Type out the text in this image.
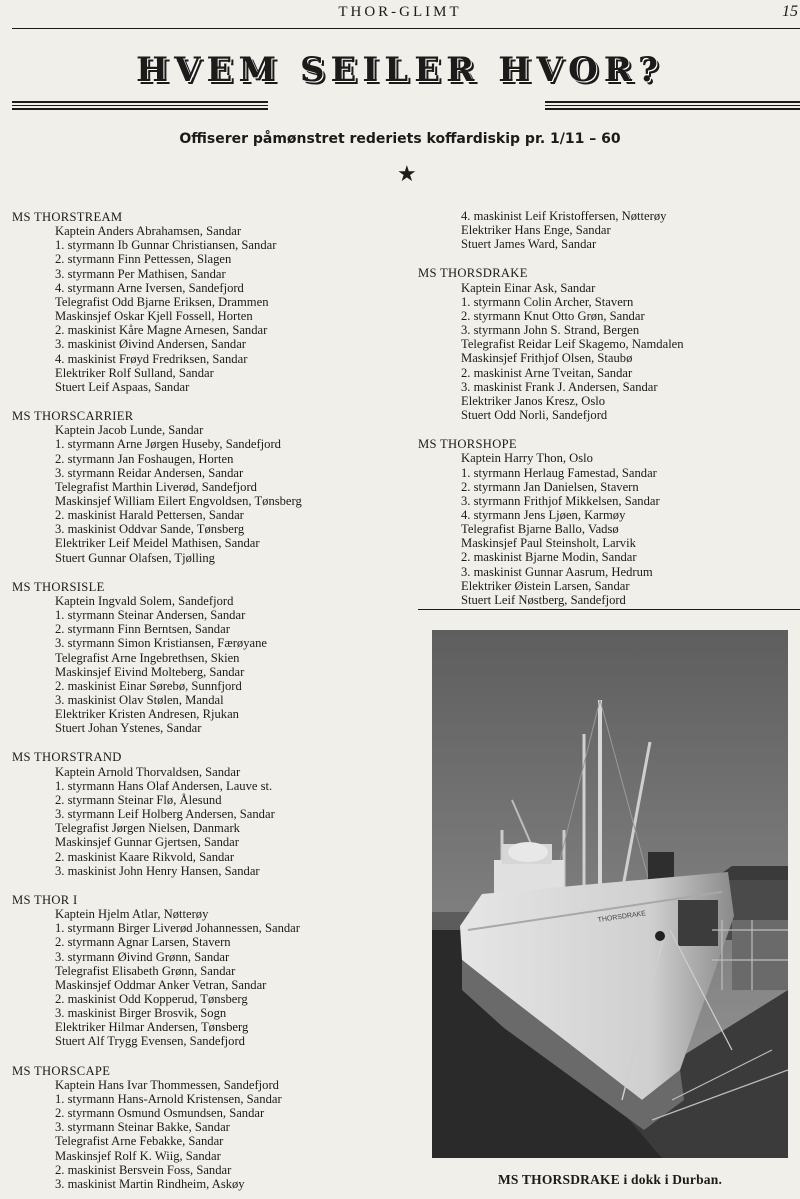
THOR-GLIMT	15
HVEM SEILER HVOR?
Offiserer påmønstret rederiets koffardiskip pr. 1/11 – 60
★
MS THORSTREAM
Kaptein Anders Abrahamsen, Sandar
1. styrmann Ib Gunnar Christiansen, Sandar
2. styrmann Finn Pettessen, Slagen
3. styrmann Per Mathisen, Sandar
4. styrmann Arne Iversen, Sandefjord
Telegrafist Odd Bjarne Eriksen, Drammen
Maskinsjef Oskar Kjell Fossell, Horten
2. maskinist Kåre Magne Arnesen, Sandar
3. maskinist Øivind Andersen, Sandar
4. maskinist Frøyd Fredriksen, Sandar
Elektriker Rolf Sulland, Sandar
Stuert Leif Aspaas, Sandar
MS THORSCARRIER
Kaptein Jacob Lunde, Sandar
1. styrmann Arne Jørgen Huseby, Sandefjord
2. styrmann Jan Foshaugen, Horten
3. styrmann Reidar Andersen, Sandar
Telegrafist Marthin Liverød, Sandefjord
Maskinsjef William Eilert Engvoldsen, Tønsberg
2. maskinist Harald Pettersen, Sandar
3. maskinist Oddvar Sande, Tønsberg
Elektriker Leif Meidel Mathisen, Sandar
Stuert Gunnar Olafsen, Tjølling
MS THORSISLE
Kaptein Ingvald Solem, Sandefjord
1. styrmann Steinar Andersen, Sandar
2. styrmann Finn Berntsen, Sandar
3. styrmann Simon Kristiansen, Færøyane
Telegrafist Arne Ingebrethsen, Skien
Maskinsjef Eivind Molteberg, Sandar
2. maskinist Einar Sørebø, Sunnfjord
3. maskinist Olav Stølen, Mandal
Elektriker Kristen Andresen, Rjukan
Stuert Johan Ystenes, Sandar
MS THORSTRAND
Kaptein Arnold Thorvaldsen, Sandar
1. styrmann Hans Olaf Andersen, Lauve st.
2. styrmann Steinar Flø, Ålesund
3. styrmann Leif Holberg Andersen, Sandar
Telegrafist Jørgen Nielsen, Danmark
Maskinsjef Gunnar Gjertsen, Sandar
2. maskinist Kaare Rikvold, Sandar
3. maskinist John Henry Hansen, Sandar
MS THOR I
Kaptein Hjelm Atlar, Nøtterøy
1. styrmann Birger Liverød Johannessen, Sandar
2. styrmann Agnar Larsen, Stavern
3. styrmann Øivind Grønn, Sandar
Telegrafist Elisabeth Grønn, Sandar
Maskinsjef Oddmar Anker Vetran, Sandar
2. maskinist Odd Kopperud, Tønsberg
3. maskinist Birger Brosvik, Sogn
Elektriker Hilmar Andersen, Tønsberg
Stuert Alf Trygg Evensen, Sandefjord
MS THORSCAPE
Kaptein Hans Ivar Thommessen, Sandefjord
1. styrmann Hans-Arnold Kristensen, Sandar
2. styrmann Osmund Osmundsen, Sandar
3. styrmann Steinar Bakke, Sandar
Telegrafist Arne Febakke, Sandar
Maskinsjef Rolf K. Wiig, Sandar
2. maskinist Bersvein Foss, Sandar
3. maskinist Martin Rindheim, Askøy
4. maskinist Leif Kristoffersen, Nøtterøy
Elektriker Hans Enge, Sandar
Stuert James Ward, Sandar
MS THORSDRAKE
Kaptein Einar Ask, Sandar
1. styrmann Colin Archer, Stavern
2. styrmann Knut Otto Grøn, Sandar
3. styrmann John S. Strand, Bergen
Telegrafist Reidar Leif Skagemo, Namdalen
Maskinsjef Frithjof Olsen, Staubø
2. maskinist Arne Tveitan, Sandar
3. maskinist Frank J. Andersen, Sandar
Elektriker Janos Kresz, Oslo
Stuert Odd Norli, Sandefjord
MS THORSHOPE
Kaptein Harry Thon, Oslo
1. styrmann Herlaug Famestad, Sandar
2. styrmann Jan Danielsen, Stavern
3. styrmann Frithjof Mikkelsen, Sandar
4. styrmann Jens Ljøen, Karmøy
Telegrafist Bjarne Ballo, Vadsø
Maskinsjef Paul Steinsholt, Larvik
2. maskinist Bjarne Modin, Sandar
3. maskinist Gunnar Aasrum, Hedrum
Elektriker Øistein Larsen, Sandar
Stuert Leif Nøstberg, Sandefjord
THORSDRAKE
MS THORSDRAKE i dokk i Durban.
